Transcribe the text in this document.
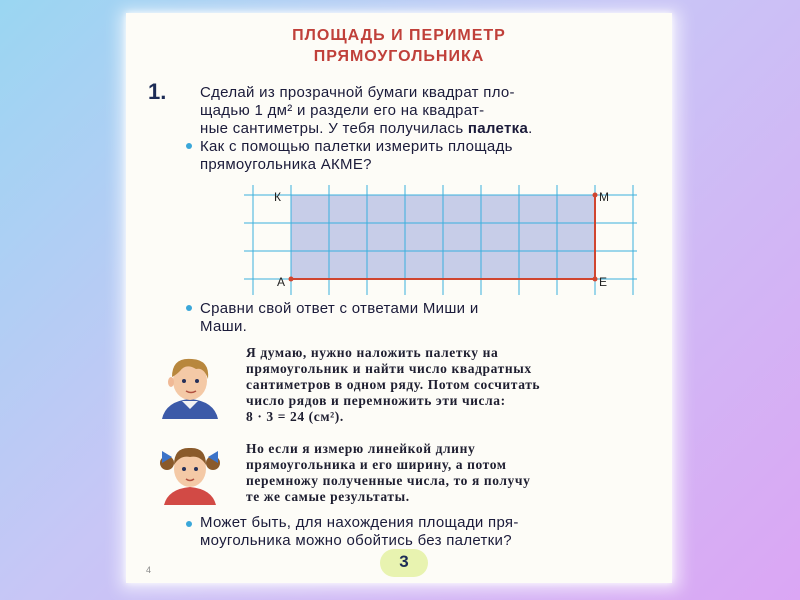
ПЛОЩАДЬ И ПЕРИМЕТР
ПРЯМОУГОЛЬНИКА
1. Сделай из прозрачной бумаги квадрат пло-
щадью 1 дм² и раздели его на квадрат-
ные сантиметры. У тебя получилась палетка.
Как с помощью палетки измерить площадь
прямоугольника АКМЕ?
К	М
А	Е
Сравни свой ответ с ответами Миши и
Маши.
Я думаю, нужно наложить палетку на
прямоугольник и найти число квадратных
сантиметров в одном ряду. Потом сосчитать
число рядов и перемножить эти числа:
8 · 3 = 24 (см²).
Но если я измерю линейкой длину
прямоугольника и его ширину, а потом
перемножу полученные числа, то я получу
те же самые результаты.
Может быть, для нахождения площади пря-
моугольника можно обойтись без палетки?
3
4
